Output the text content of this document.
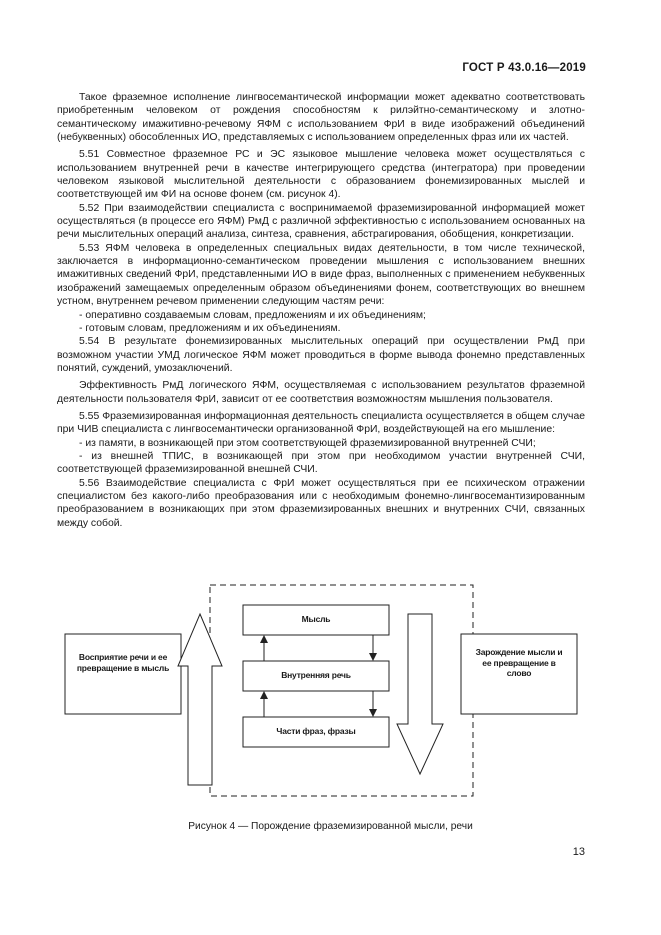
ГОСТ Р 43.0.16—2019

Такое фраземное исполнение лингвосемантической информации может адекватно соответствовать приобретенным человеком от рождения способностям к рилэйтно-семантическому и злотно-семантическому имажитивно-речевому ЯФМ с использованием ФрИ в виде изображений объединений (небуквенных) обособленных ИО, представляемых с использованием определенных фраз или их частей.

5.51 Совместное фраземное РС и ЭС языковое мышление человека может осуществляться с использованием внутренней речи в качестве интегрирующего средства (интегратора) при проведении человеком языковой мыслительной деятельности с образованием фонемизированных мыслей и соответствующей им ФИ на основе фонем (см. рисунок 4).

5.52 При взаимодействии специалиста с воспринимаемой фраземизированной информацией может осуществляться (в процессе его ЯФМ) РмД с различной эффективностью с использованием основанных на речи мыслительных операций анализа, синтеза, сравнения, абстрагирования, обобщения, конкретизации.

5.53 ЯФМ человека в определенных специальных видах деятельности, в том числе технической, заключается в информационно-семантическом проведении мышления с использованием внешних имажитивных сведений ФрИ, представленными ИО в виде фраз, выполненных с применением небуквенных изображений замещаемых определенным образом объединениями фонем, соответствующих во внешнем устном, внутреннем речевом применении следующим частям речи:

- оперативно создаваемым словам, предложениям и их объединениям;

- готовым словам, предложениям и их объединениям.

5.54 В результате фонемизированных мыслительных операций при осуществлении РмД при возможном участии УМД логическое ЯФМ может проводиться в форме вывода фонемно представленных понятий, суждений, умозаключений.

Эффективность РмД логического ЯФМ, осуществляемая с использованием результатов фраземной деятельности пользователя ФрИ, зависит от ее соответствия возможностям мышления пользователя.

5.55 Фраземизированная информационная деятельность специалиста осуществляется в общем случае при ЧИВ специалиста с лингвосемантически организованной ФрИ, воздействующей на его мышление:

- из памяти, в возникающей при этом соответствующей фраземизированной внутренней СЧИ;

- из внешней ТПИС, в возникающей при этом при необходимом участии внутренней СЧИ, соответствующей фраземизированной внешней СЧИ.

5.56 Взаимодействие специалиста с ФрИ может осуществляться при ее психическом отражении специалистом без какого-либо преобразования или с необходимым фонемно-лингвосемантизированным преобразованием в возникающих при этом фраземизированных внешних и внутренних СЧИ, связанных между собой.

Восприятие речи и ее превращение в мысль
Зарождение мысли и ее превращение в слово
Мысль
Внутренняя речь
Части фраз, фразы
Рисунок 4 — Порождение фраземизированной мысли, речи
13
